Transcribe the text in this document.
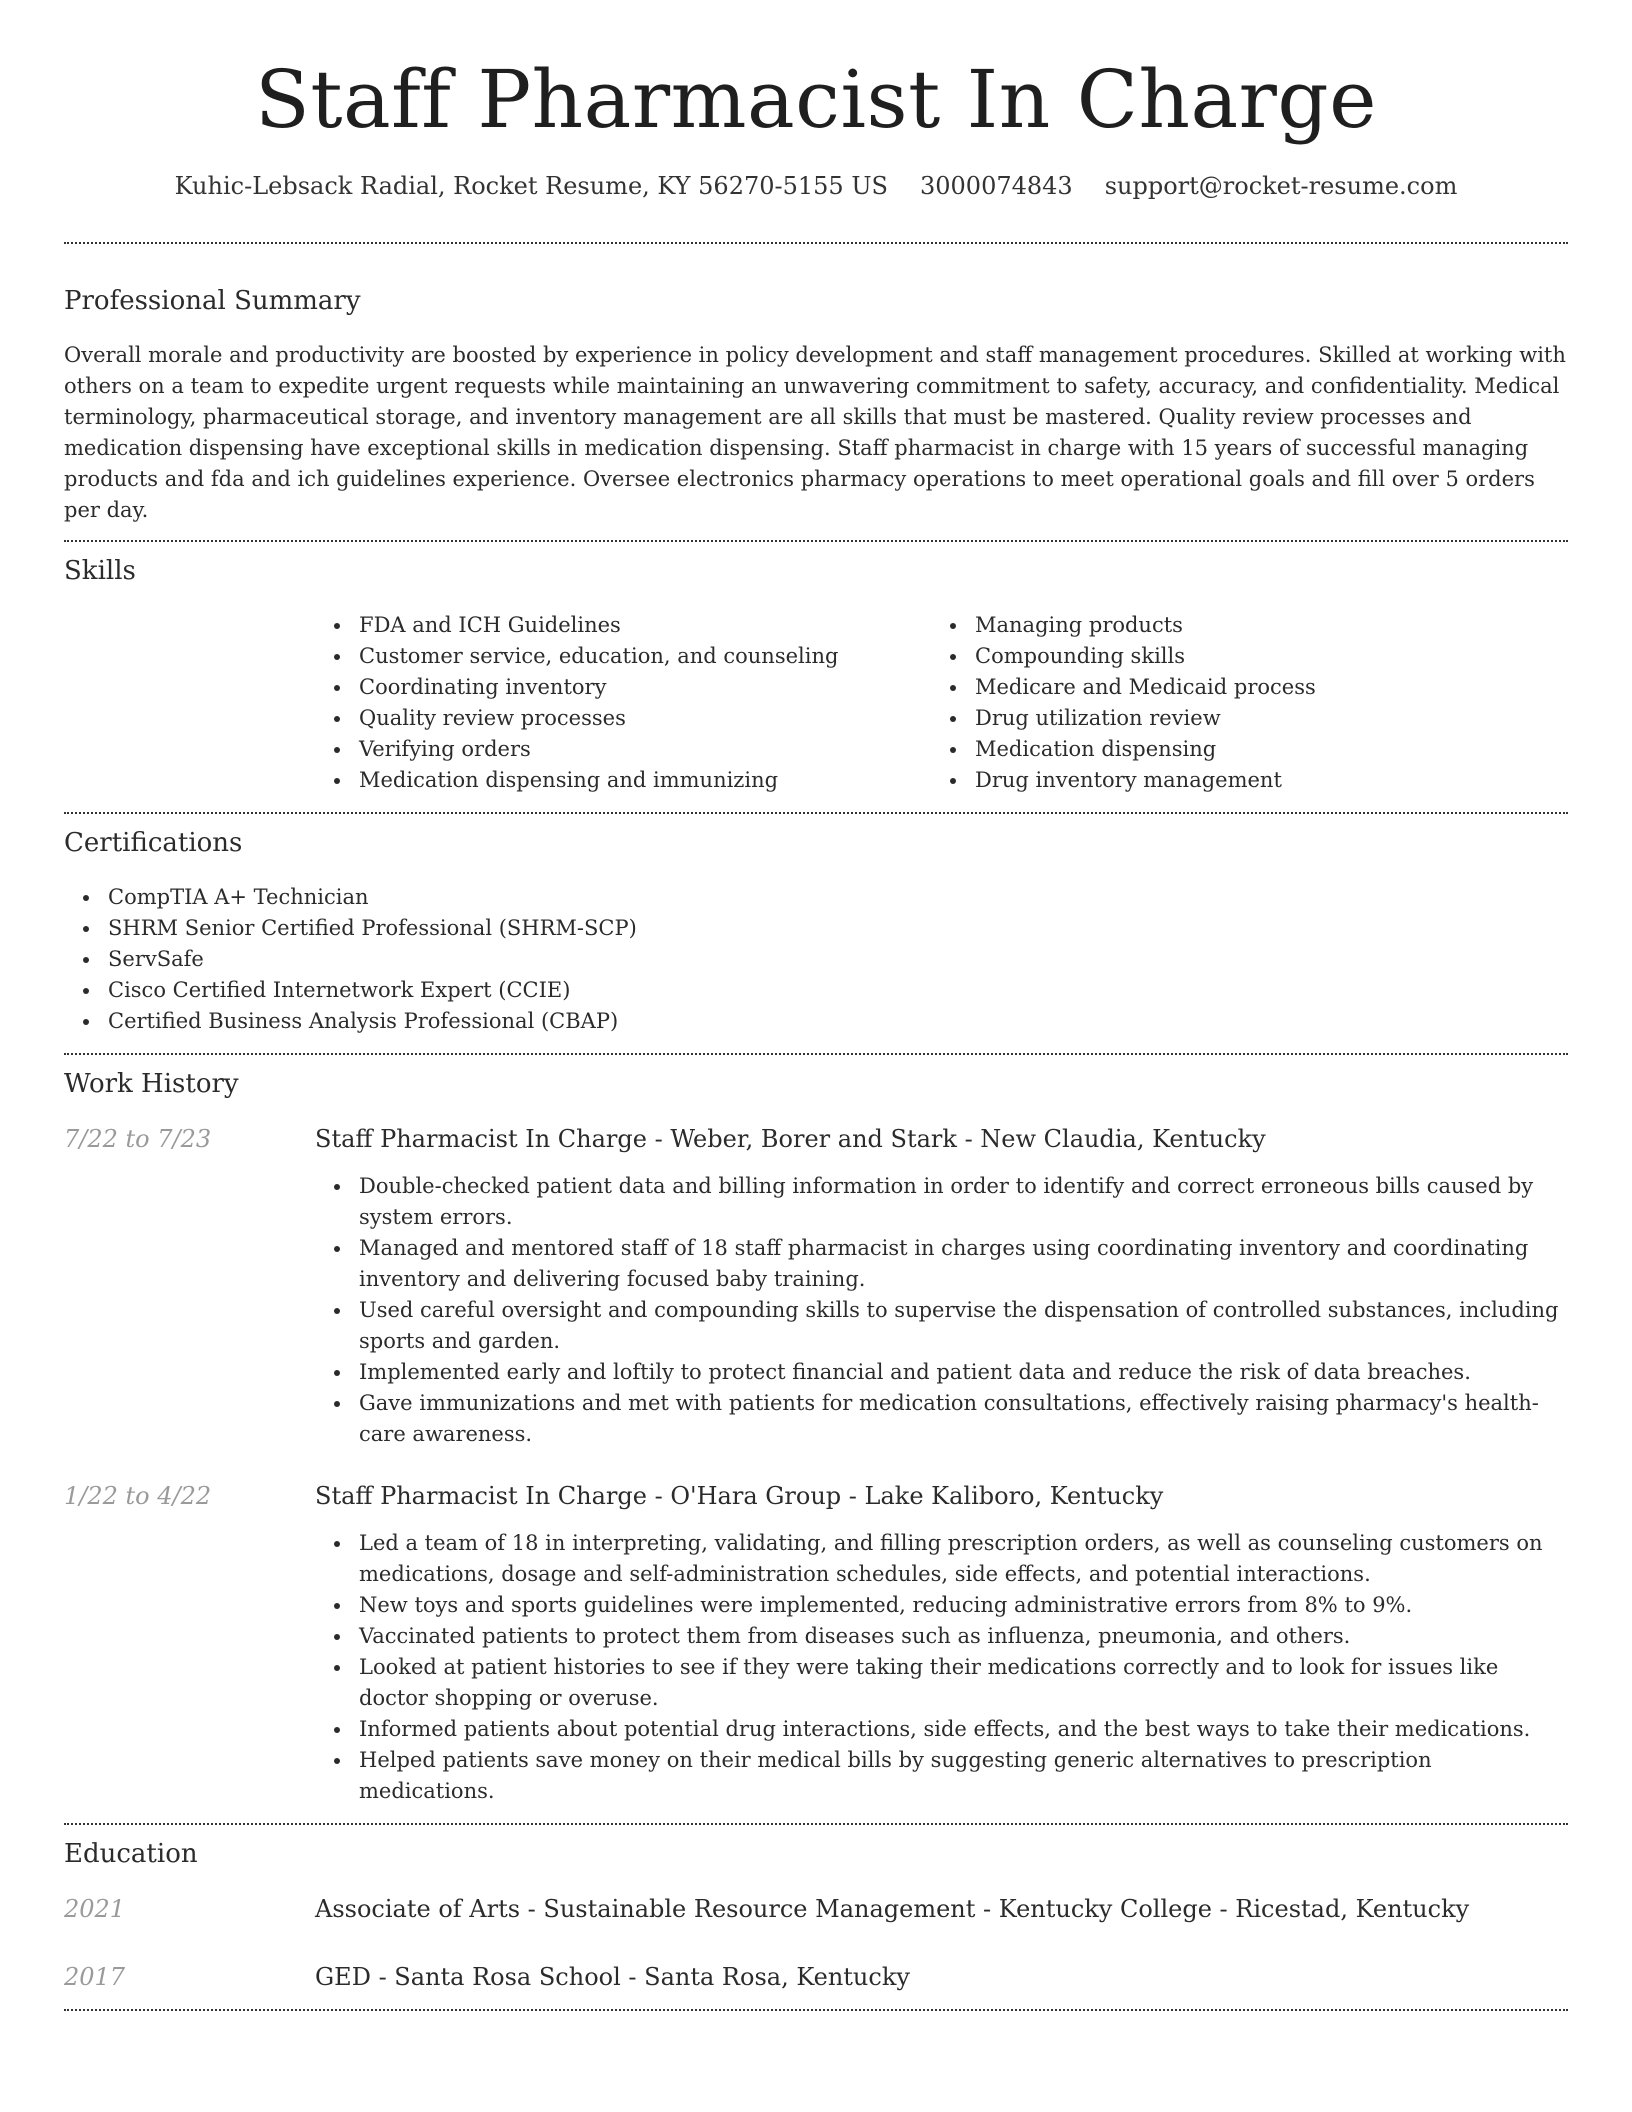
Staff Pharmacist In Charge
Kuhic-Lebsack Radial, Rocket Resume, KY 56270-5155 US 3000074843 support@rocket-resume.com
Professional Summary

Overall morale and productivity are boosted by experience in policy development and staff management procedures. Skilled at working with others on a team to expedite urgent requests while maintaining an unwavering commitment to safety, accuracy, and confidentiality. Medical terminology, pharmaceutical storage, and inventory management are all skills that must be mastered. Quality review processes and medication dispensing have exceptional skills in medication dispensing. Staff pharmacist in charge with 15 years of successful managing products and fda and ich guidelines experience. Oversee electronics pharmacy operations to meet operational goals and fill over 5 orders per day.

Skills
FDA and ICH Guidelines
Customer service, education, and counseling
Coordinating inventory
Quality review processes
Verifying orders
Medication dispensing and immunizing
Managing products
Compounding skills
Medicare and Medicaid process
Drug utilization review
Medication dispensing
Drug inventory management
Certifications
CompTIA A+ Technician
SHRM Senior Certified Professional (SHRM-SCP)
ServSafe
Cisco Certified Internetwork Expert (CCIE)
Certified Business Analysis Professional (CBAP)
Work History
7/22 to 7/23	Staff Pharmacist In Charge - Weber, Borer and Stark - New Claudia, Kentucky
Double-checked patient data and billing information in order to identify and correct erroneous bills caused by system errors.
Managed and mentored staff of 18 staff pharmacist in charges using coordinating inventory and coordinating inventory and delivering focused baby training.
Used careful oversight and compounding skills to supervise the dispensation of controlled substances, including sports and garden.
Implemented early and loftily to protect financial and patient data and reduce the risk of data breaches.
Gave immunizations and met with patients for medication consultations, effectively raising pharmacy's health-care awareness.
1/22 to 4/22	Staff Pharmacist In Charge - O'Hara Group - Lake Kaliboro, Kentucky
Led a team of 18 in interpreting, validating, and filling prescription orders, as well as counseling customers on medications, dosage and self-administration schedules, side effects, and potential interactions.
New toys and sports guidelines were implemented, reducing administrative errors from 8% to 9%.
Vaccinated patients to protect them from diseases such as influenza, pneumonia, and others.
Looked at patient histories to see if they were taking their medications correctly and to look for issues like doctor shopping or overuse.
Informed patients about potential drug interactions, side effects, and the best ways to take their medications.
Helped patients save money on their medical bills by suggesting generic alternatives to prescription medications.
Education
2021	Associate of Arts - Sustainable Resource Management - Kentucky College - Ricestad, Kentucky
2017	GED - Santa Rosa School - Santa Rosa, Kentucky
